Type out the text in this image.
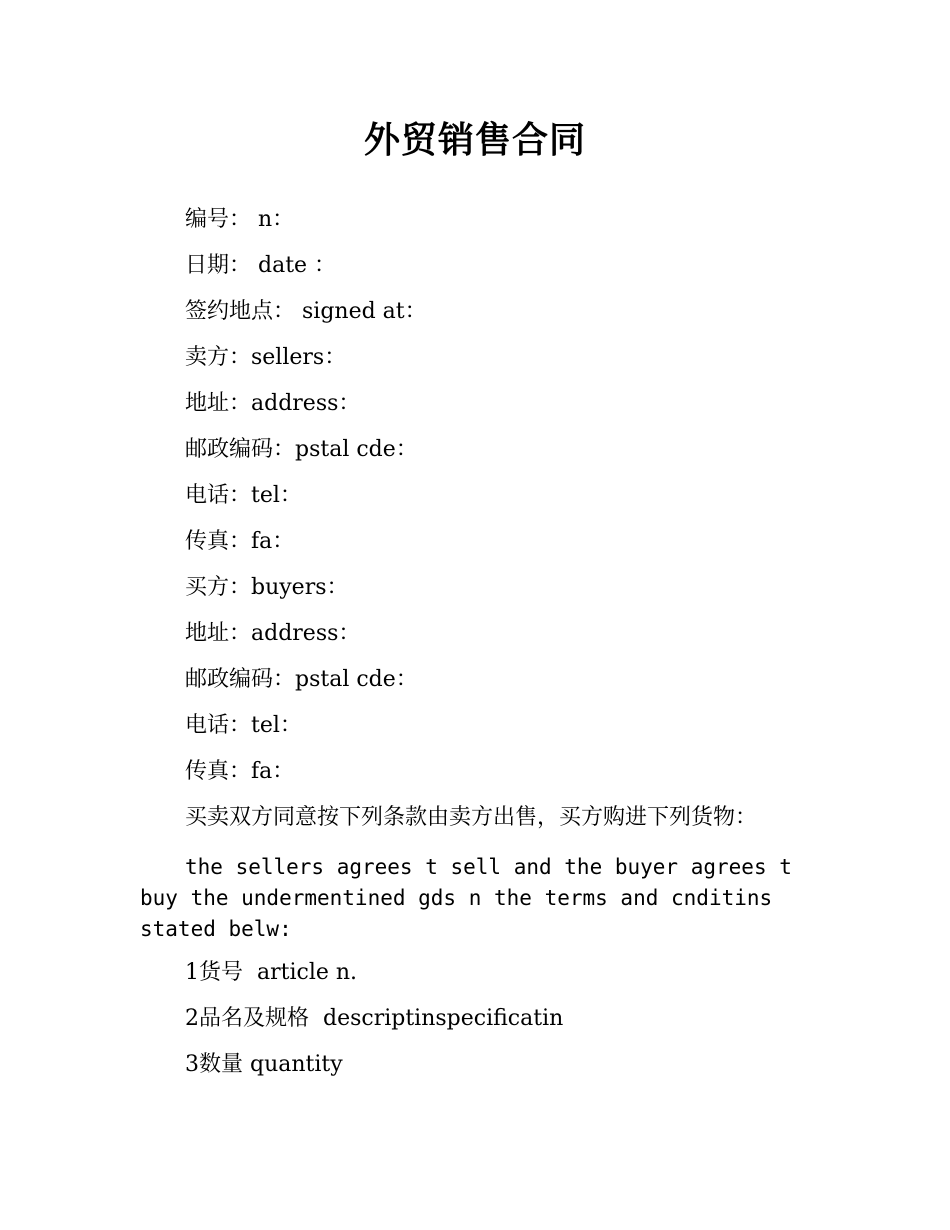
外贸销售合同
编号： n：
日期： date ：
签约地点： signed at：
卖方：sellers：
地址：address：
邮政编码：pstal cde：
电话：tel：
传真：fa：
买方：buyers：
地址：address：
邮政编码：pstal cde：
电话：tel：
传真：fa：
买卖双方同意按下列条款由卖方出售，买方购进下列货物：
the sellers agrees t sell and the buyer agrees t buy the undermentined gds n the terms and cnditins stated belw:
1货号  article n.
2品名及规格  descriptinspecificatin
3数量 quantity
